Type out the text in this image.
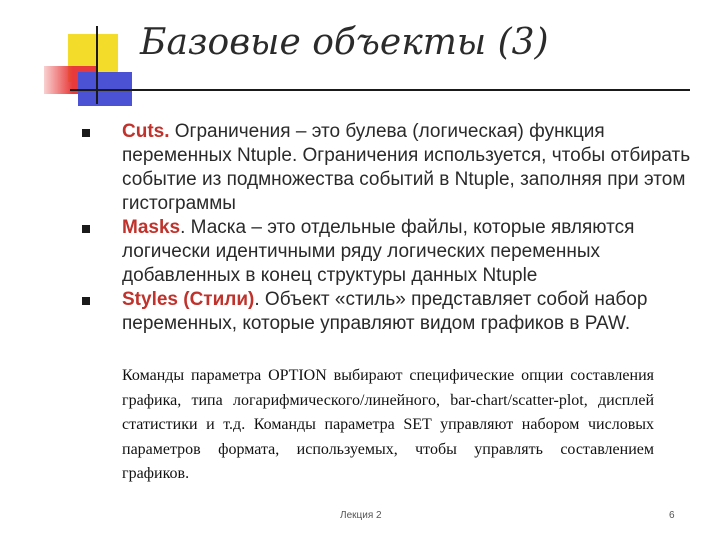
Базовые объекты (3)
Cuts. Ограничения – это булева (логическая) функция переменных Ntuple. Ограничения используется, чтобы отбирать событие из подмножества событий в Ntuple, заполняя при этом гистограммы
Masks. Маска – это отдельные файлы, которые являются логически идентичными ряду логических переменных добавленных в конец структуры данных Ntuple
Styles (Стили). Объект «стиль» представляет собой набор переменных, которые управляют видом графиков в PAW.

Команды параметра OPTION выбирают специфические опции составления графика, типа логарифмического/линейного, bar-chart/scatter-plot, дисплей статистики и т.д. Команды параметра SET управляют набором числовых параметров формата, используемых, чтобы управлять составлением графиков.

Лекция 2	6
